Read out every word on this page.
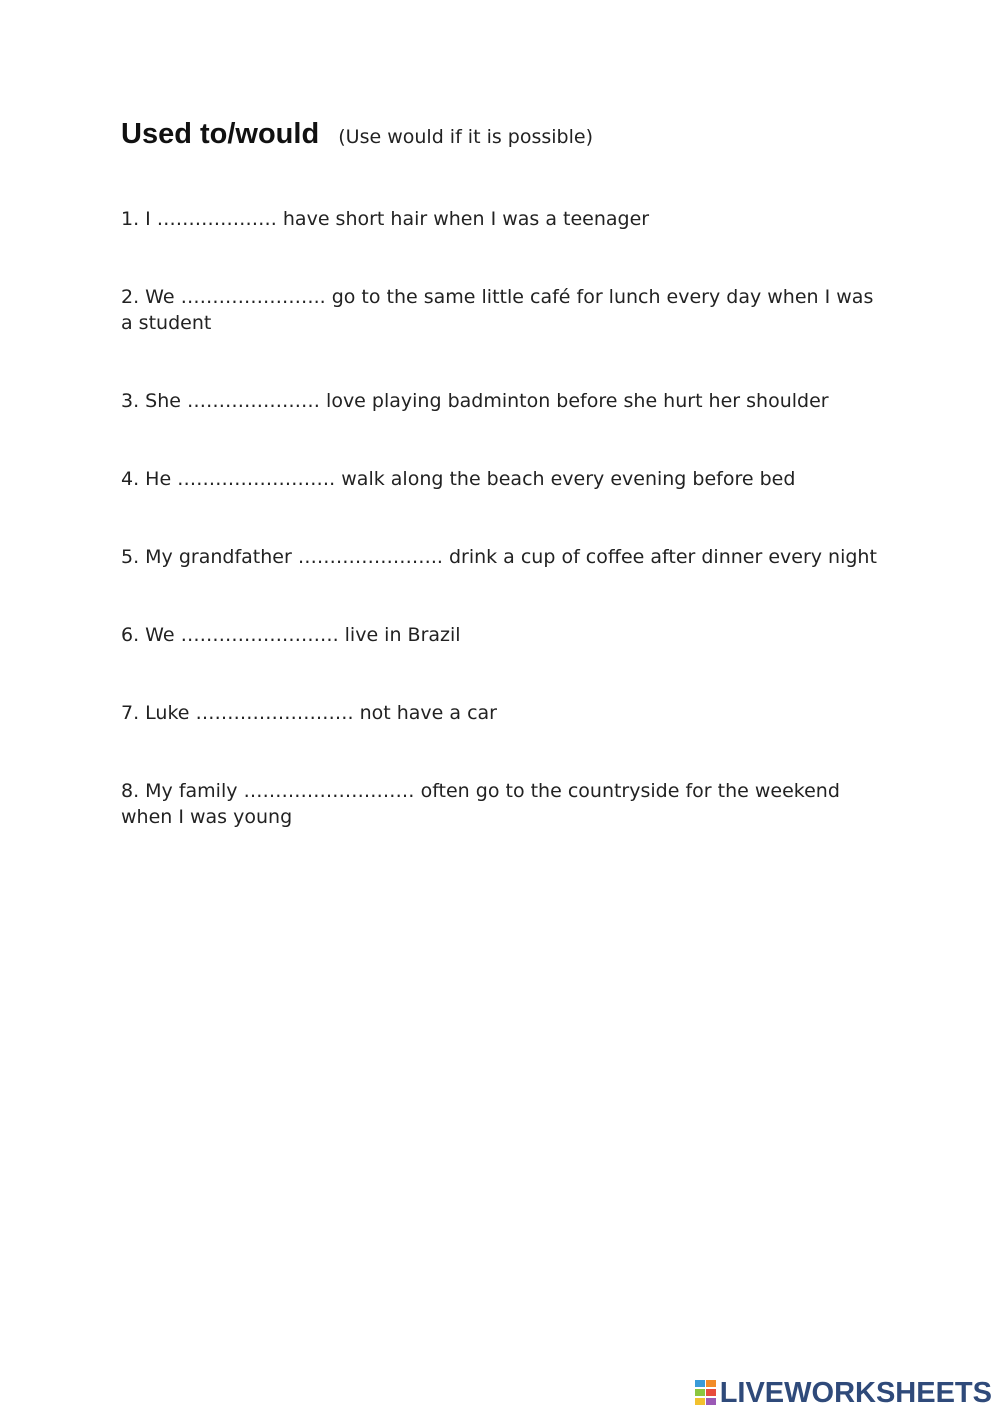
Used to/would (Use would if it is possible)
1. I ………………. have short hair when I was a teenager
2. We ………………….. go to the same little café for lunch every day when I was a student
3. She ………………… love playing badminton before she hurt her shoulder
4. He ……………………. walk along the beach every evening before bed
5. My grandfather ………………….. drink a cup of coffee after dinner every night
6. We ……………………. live in Brazil
7. Luke ……………………. not have a car
8. My family ……………………… often go to the countryside for the weekend when I was young
LIVEWORKSHEETS
